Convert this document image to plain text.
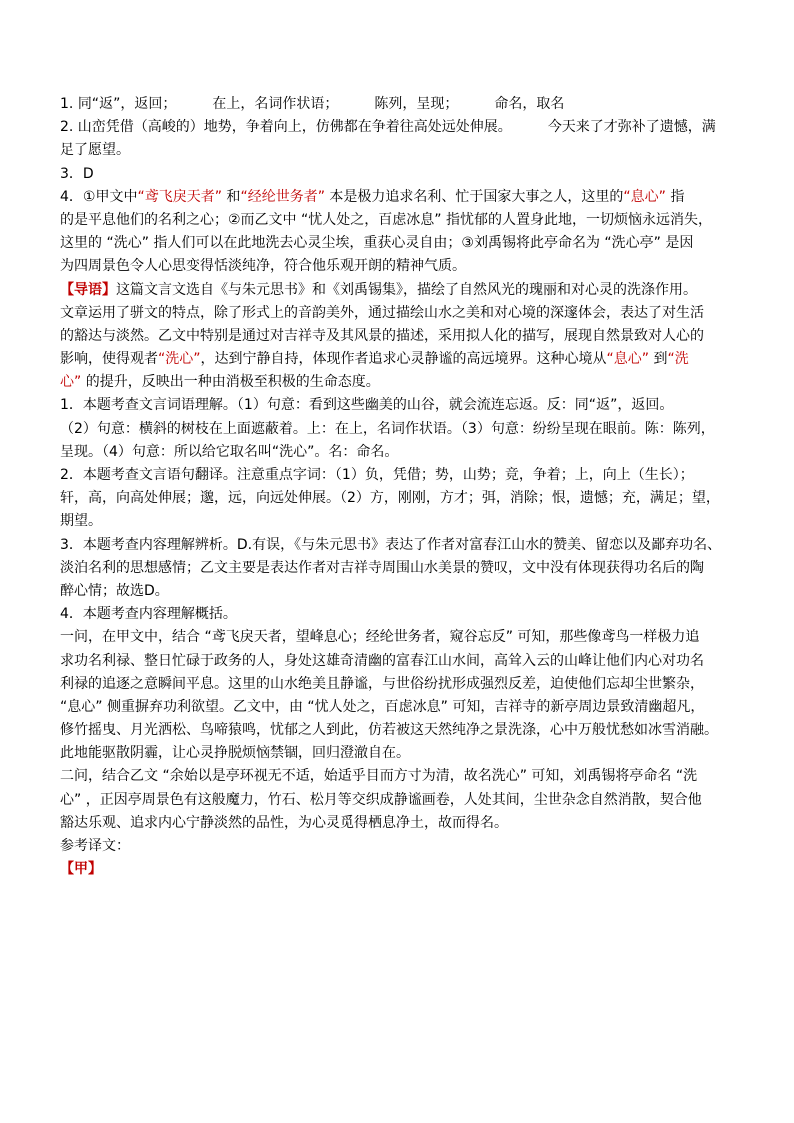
1. 同“返”，返回；	在上，名词作状语；	陈列，呈现；	命名，取名
2. 山峦凭借（高峻的）地势，争着向上，仿佛都在争着往高处远处伸展。	今天来了才弥补了遗憾，满
足了愿望。
3．D
4．①甲文中“鸢飞戾天者” 和“经纶世务者” 本是极力追求名利、忙于国家大事之人，这里的“息心” 指
的是平息他们的名利之心；②而乙文中 “忧人处之，百虑冰息” 指忧郁的人置身此地，一切烦恼永远消失，
这里的 “洗心” 指人们可以在此地洗去心灵尘埃，重获心灵自由；③刘禹锡将此亭命名为 “洗心亭” 是因
为四周景色令人心思变得恬淡纯净，符合他乐观开朗的精神气质。
【导语】这篇文言文选自《与朱元思书》和《刘禹锡集》，描绘了自然风光的瑰丽和对心灵的洗涤作用。
文章运用了骈文的特点，除了形式上的音韵美外，通过描绘山水之美和对心境的深邃体会，表达了对生活
的豁达与淡然。乙文中特别是通过对吉祥寺及其风景的描述，采用拟人化的描写，展现自然景致对人心的
影响，使得观者“洗心”，达到宁静自持，体现作者追求心灵静谧的高远境界。这种心境从“息心” 到“洗
心” 的提升，反映出一种由消极至积极的生命态度。
1．本题考查文言词语理解。（1）句意：看到这些幽美的山谷，就会流连忘返。反：同“返”，返回。
（2）句意：横斜的树枝在上面遮蔽着。上：在上，名词作状语。（3）句意：纷纷呈现在眼前。陈：陈列，
呈现。（4）句意：所以给它取名叫“洗心”。名：命名。
2．本题考查文言语句翻译。注意重点字词：（1）负，凭借；势，山势；竞，争着；上，向上（生长）；
轩，高，向高处伸展；邈，远，向远处伸展。（2）方，刚刚，方才；弭，消除；恨，遗憾；充，满足；望，
期望。
3．本题考查内容理解辨析。D.有误，《与朱元思书》表达了作者对富春江山水的赞美、留恋以及鄙弃功名、
淡泊名利的思想感情；乙文主要是表达作者对吉祥寺周围山水美景的赞叹，文中没有体现获得功名后的陶
醉心情；故选D。
4．本题考查内容理解概括。
一问，在甲文中，结合 “鸢飞戾天者，望峰息心；经纶世务者，窥谷忘反” 可知，那些像鸢鸟一样极力追
求功名利禄、整日忙碌于政务的人，身处这雄奇清幽的富春江山水间，高耸入云的山峰让他们内心对功名
利禄的追逐之意瞬间平息。这里的山水绝美且静谧，与世俗纷扰形成强烈反差，迫使他们忘却尘世繁杂，
“息心” 侧重摒弃功利欲望。乙文中，由 “忧人处之，百虑冰息” 可知，吉祥寺的新亭周边景致清幽超凡，
修竹摇曳、月光洒松、鸟啼猿鸣，忧郁之人到此，仿若被这天然纯净之景洗涤，心中万般忧愁如冰雪消融。
此地能驱散阴霾，让心灵挣脱烦恼禁锢，回归澄澈自在。
二问，结合乙文 “余始以是亭环视无不适，始适乎目而方寸为清，故名洗心” 可知，刘禹锡将亭命名 “洗
心” ，正因亭周景色有这般魔力，竹石、松月等交织成静谧画卷，人处其间，尘世杂念自然消散，契合他
豁达乐观、追求内心宁静淡然的品性，为心灵觅得栖息净土，故而得名。
参考译文：
【甲】
